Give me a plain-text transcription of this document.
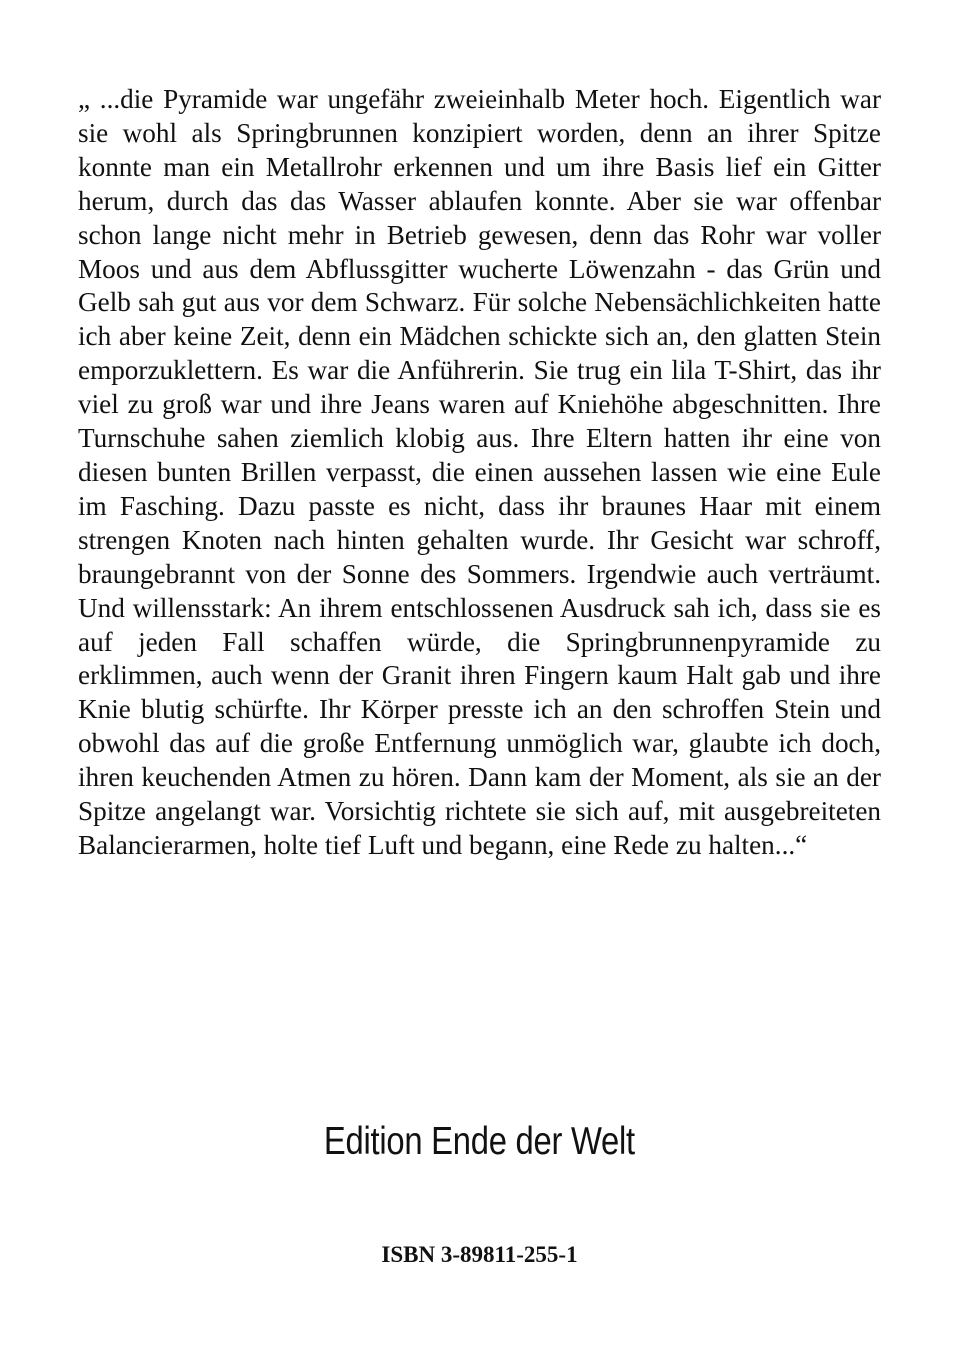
„ ...die Pyramide war ungefähr zweieinhalb Meter hoch. Eigentlich war sie wohl als Springbrunnen konzipiert worden, denn an ihrer Spitze konnte man ein Metallrohr erkennen und um ihre Basis lief ein Gitter herum, durch das das Wasser ablaufen konnte. Aber sie war offenbar schon lange nicht mehr in Betrieb gewesen, denn das Rohr war voller Moos und aus dem Abflussgitter wucherte Löwenzahn - das Grün und Gelb sah gut aus vor dem Schwarz. Für solche Nebensächlichkeiten hatte ich aber keine Zeit, denn ein Mädchen schickte sich an, den glatten Stein emporzuklettern. Es war die Anführerin. Sie trug ein lila T-Shirt, das ihr viel zu groß war und ihre Jeans waren auf Kniehöhe abgeschnitten. Ihre Turnschuhe sahen ziemlich klobig aus. Ihre Eltern hatten ihr eine von diesen bunten Brillen verpasst, die einen aussehen lassen wie eine Eule im Fasching. Dazu passte es nicht, dass ihr braunes Haar mit einem strengen Knoten nach hinten gehalten wurde. Ihr Gesicht war schroff, braungebrannt von der Sonne des Sommers. Irgendwie auch verträumt. Und willensstark: An ihrem entschlossenen Ausdruck sah ich, dass sie es auf jeden Fall schaffen würde, die Springbrunnenpyramide zu erklimmen, auch wenn der Granit ihren Fingern kaum Halt gab und ihre Knie blutig schürfte. Ihr Körper presste ich an den schroffen Stein und obwohl das auf die große Entfernung unmöglich war, glaubte ich doch, ihren keuchenden Atmen zu hören. Dann kam der Moment, als sie an der Spitze angelangt war. Vorsichtig richtete sie sich auf, mit ausgebreiteten Balancierarmen, holte tief Luft und begann, eine Rede zu halten...“

Edition Ende der Welt
ISBN 3-89811-255-1
